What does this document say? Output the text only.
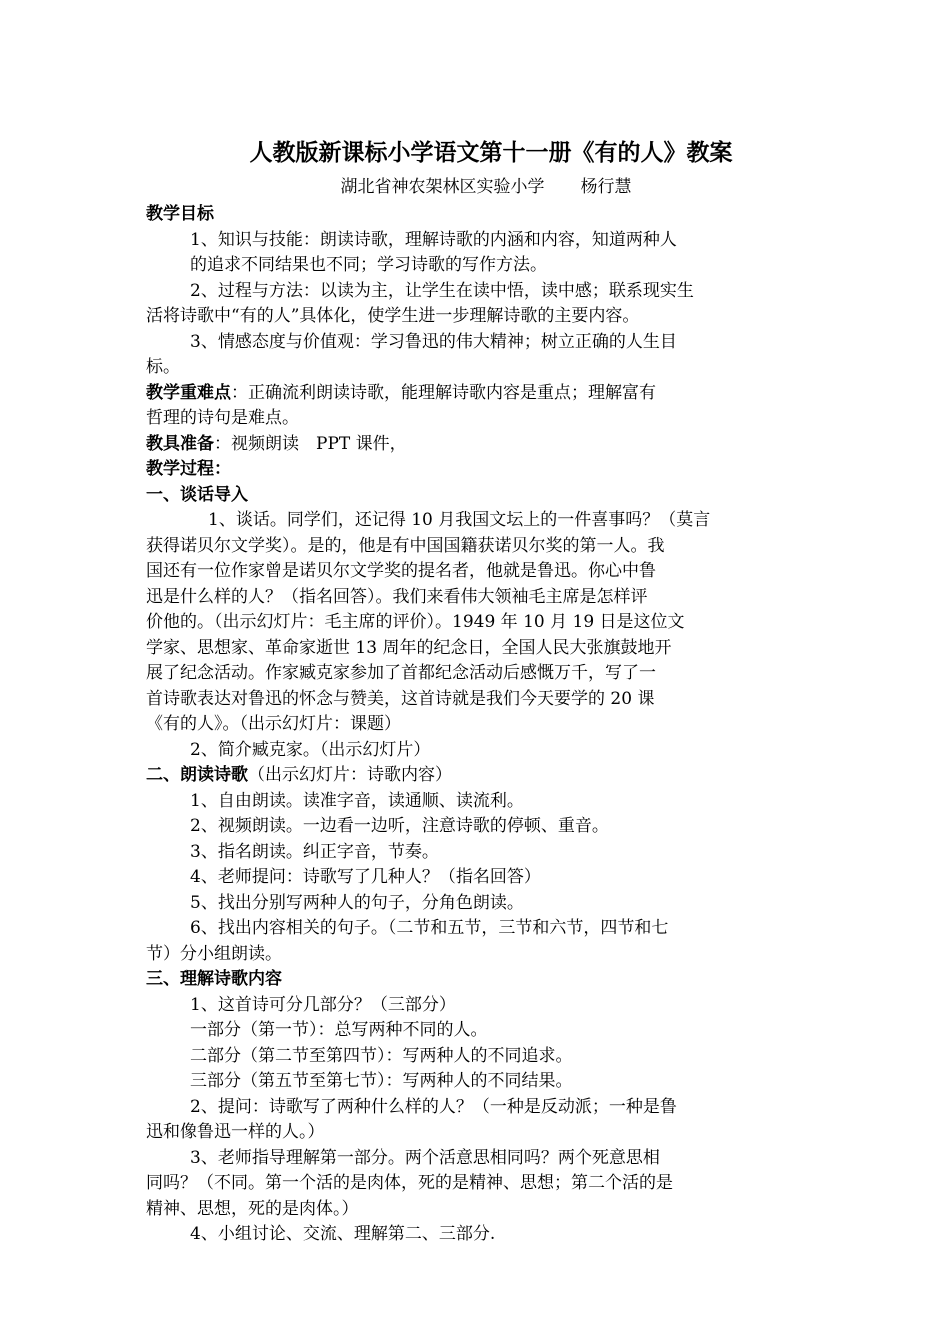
人教版新课标小学语文第十一册《有的人》教案
湖北省神农架林区实验小学 杨行慧
教学目标
1、知识与技能：朗读诗歌，理解诗歌的内涵和内容，知道两种人
的追求不同结果也不同；学习诗歌的写作方法。
2、过程与方法：以读为主，让学生在读中悟，读中感；联系现实生
活将诗歌中“有的人”具体化，使学生进一步理解诗歌的主要内容。
3、情感态度与价值观：学习鲁迅的伟大精神；树立正确的人生目
标。
教学重难点：正确流利朗读诗歌，能理解诗歌内容是重点；理解富有
哲理的诗句是难点。
教具准备：视频朗读　PPT 课件，
教学过程：
一、谈话导入
1、谈话。同学们，还记得 10 月我国文坛上的一件喜事吗？（莫言
获得诺贝尔文学奖）。是的，他是有中国国籍获诺贝尔奖的第一人。我
国还有一位作家曾是诺贝尔文学奖的提名者，他就是鲁迅。你心中鲁
迅是什么样的人？（指名回答）。我们来看伟大领袖毛主席是怎样评
价他的。（出示幻灯片：毛主席的评价）。1949 年 10 月 19 日是这位文
学家、思想家、革命家逝世 13 周年的纪念日，全国人民大张旗鼓地开
展了纪念活动。作家臧克家参加了首都纪念活动后感慨万千，写了一
首诗歌表达对鲁迅的怀念与赞美，这首诗就是我们今天要学的 20 课
《有的人》。（出示幻灯片：课题）
2、简介臧克家。（出示幻灯片）
二、朗读诗歌（出示幻灯片：诗歌内容）
1、自由朗读。读准字音，读通顺、读流利。
2、视频朗读。一边看一边听，注意诗歌的停顿、重音。
3、指名朗读。纠正字音，节奏。
4、老师提问：诗歌写了几种人？（指名回答）
5、找出分别写两种人的句子，分角色朗读。
6、找出内容相关的句子。（二节和五节，三节和六节，四节和七
节）分小组朗读。
三、理解诗歌内容
1、这首诗可分几部分？（三部分）
一部分（第一节）：总写两种不同的人。
二部分（第二节至第四节）：写两种人的不同追求。
三部分（第五节至第七节）：写两种人的不同结果。
2、提问：诗歌写了两种什么样的人？（一种是反动派；一种是鲁
迅和像鲁迅一样的人。）
3、老师指导理解第一部分。两个活意思相同吗？两个死意思相
同吗？（不同。第一个活的是肉体，死的是精神、思想；第二个活的是
精神、思想，死的是肉体。）
4、小组讨论、交流、理解第二、三部分.
